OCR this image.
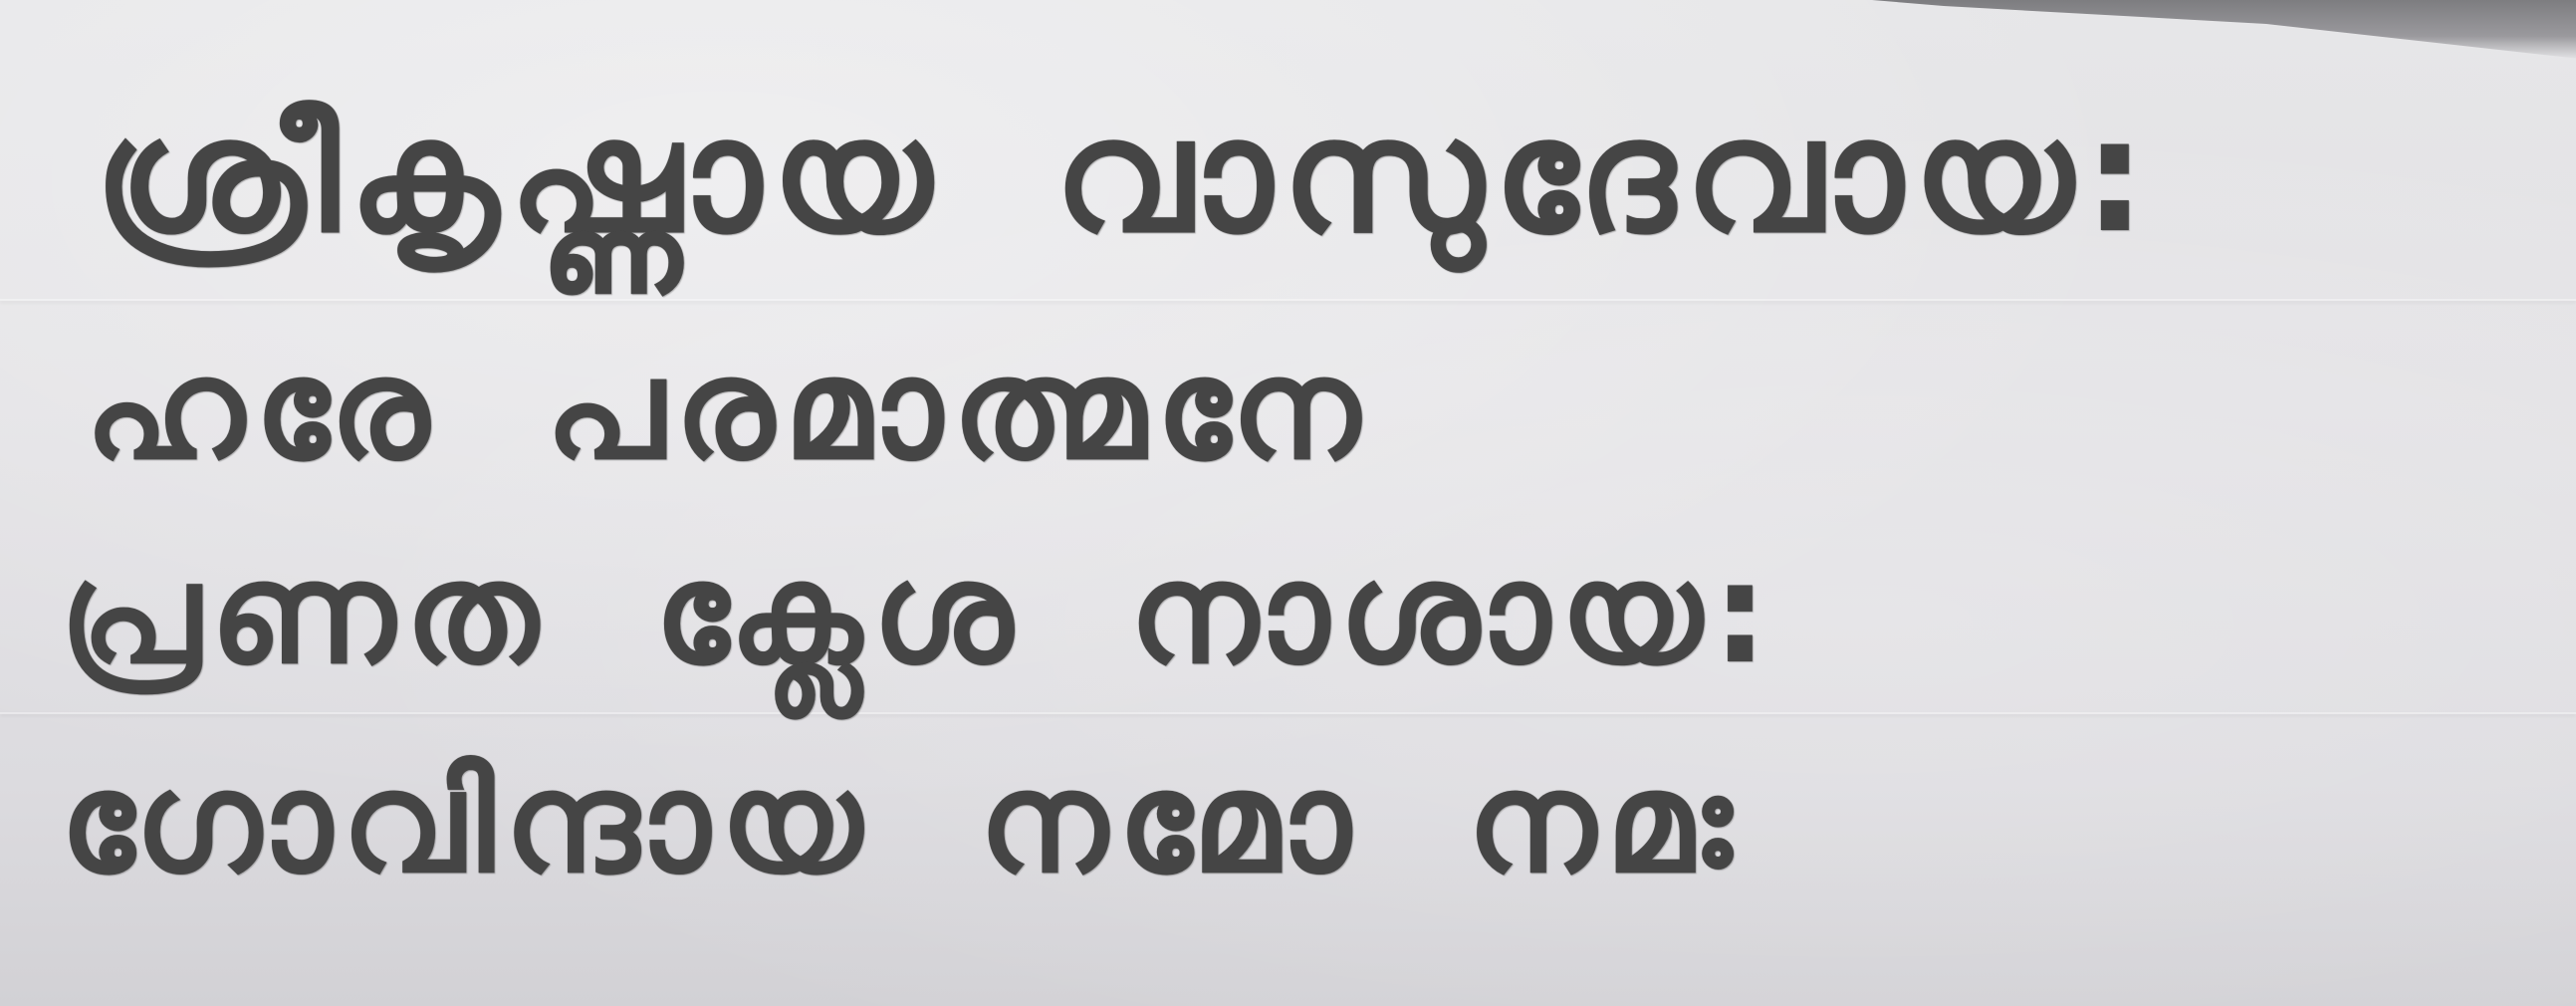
ശ്രീകൃഷ്ണായ വാസുദേവായ:

ഹരേ പരമാത്മനേ

പ്രണത ക്ലേശ നാശായ:

ഗോവിന്ദായ നമോ നമഃ
